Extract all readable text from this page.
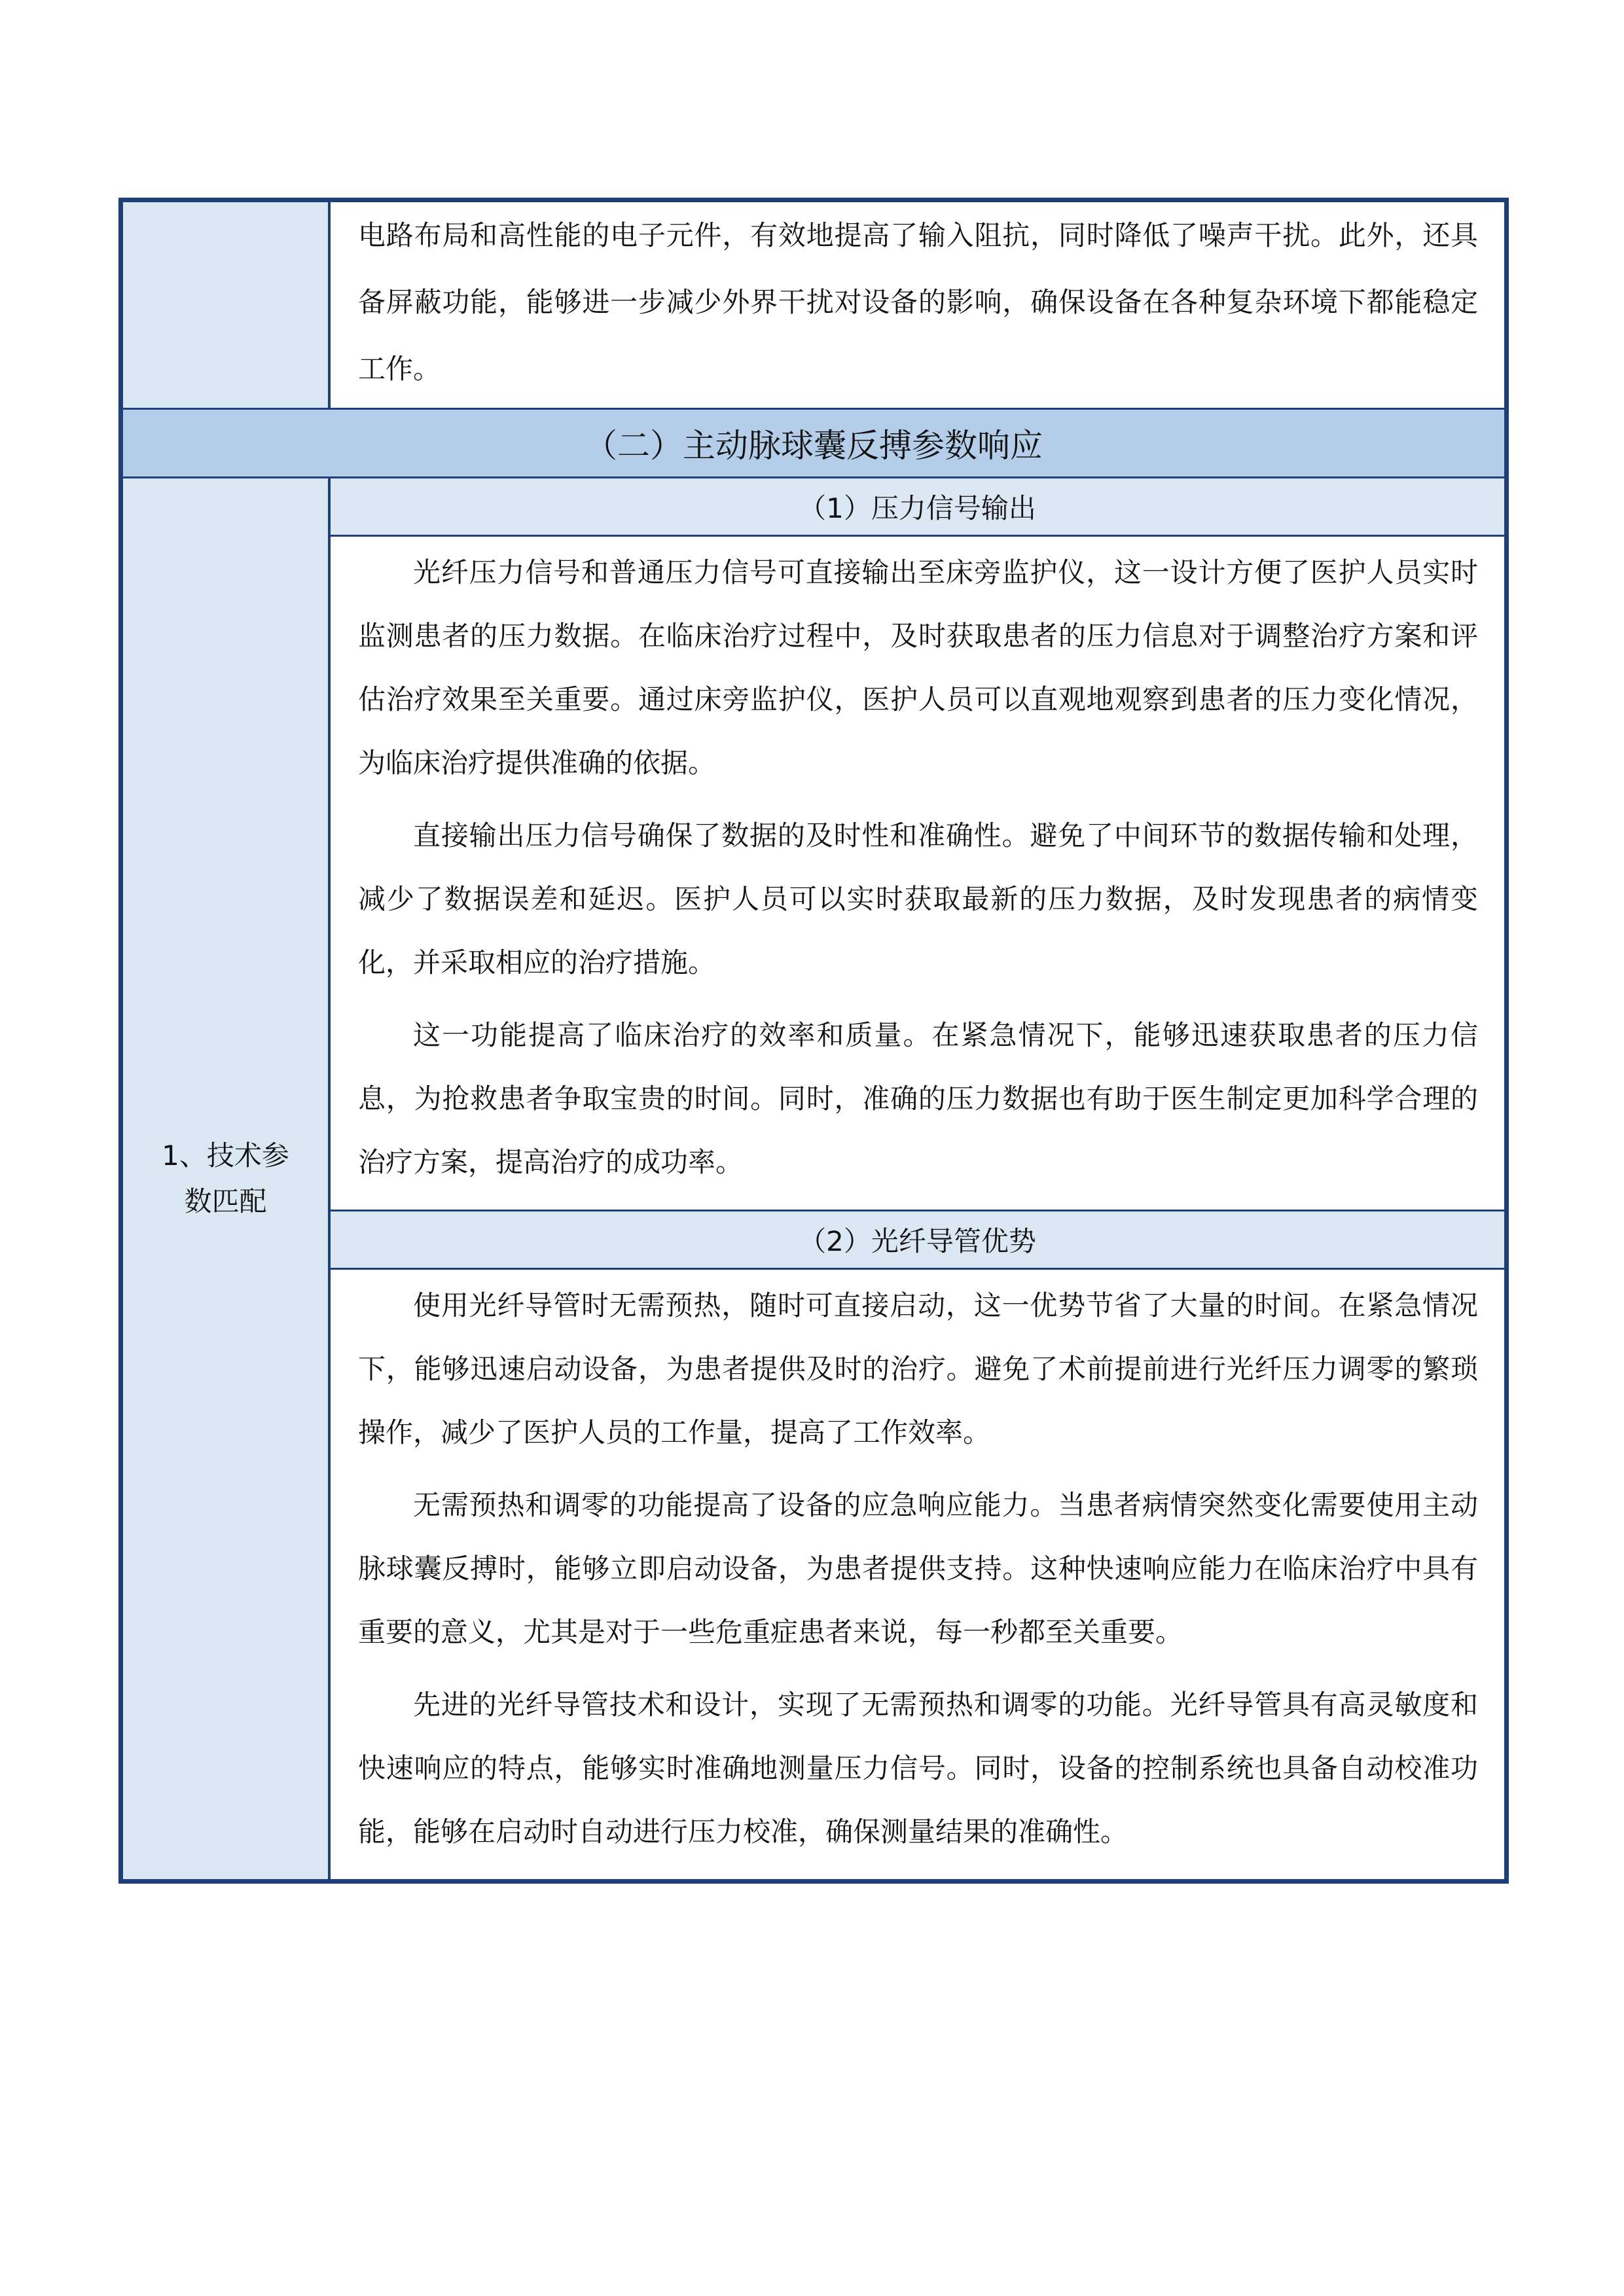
电路布局和高性能的电子元件，有效地提高了输入阻抗，同时降低了噪声干扰。此外，还具备屏蔽功能，能够进一步减少外界干扰对设备的影响，确保设备在各种复杂环境下都能稳定工作。

（二）主动脉球囊反搏参数响应
1、技术参数匹配
（1）压力信号输出

光纤压力信号和普通压力信号可直接输出至床旁监护仪，这一设计方便了医护人员实时监测患者的压力数据。在临床治疗过程中，及时获取患者的压力信息对于调整治疗方案和评估治疗效果至关重要。通过床旁监护仪，医护人员可以直观地观察到患者的压力变化情况，为临床治疗提供准确的依据。

直接输出压力信号确保了数据的及时性和准确性。避免了中间环节的数据传输和处理，减少了数据误差和延迟。医护人员可以实时获取最新的压力数据，及时发现患者的病情变化，并采取相应的治疗措施。

这一功能提高了临床治疗的效率和质量。在紧急情况下，能够迅速获取患者的压力信息，为抢救患者争取宝贵的时间。同时，准确的压力数据也有助于医生制定更加科学合理的治疗方案，提高治疗的成功率。

（2）光纤导管优势

使用光纤导管时无需预热，随时可直接启动，这一优势节省了大量的时间。在紧急情况下，能够迅速启动设备，为患者提供及时的治疗。避免了术前提前进行光纤压力调零的繁琐操作，减少了医护人员的工作量，提高了工作效率。

无需预热和调零的功能提高了设备的应急响应能力。当患者病情突然变化需要使用主动脉球囊反搏时，能够立即启动设备，为患者提供支持。这种快速响应能力在临床治疗中具有重要的意义，尤其是对于一些危重症患者来说，每一秒都至关重要。

先进的光纤导管技术和设计，实现了无需预热和调零的功能。光纤导管具有高灵敏度和快速响应的特点，能够实时准确地测量压力信号。同时，设备的控制系统也具备自动校准功能，能够在启动时自动进行压力校准，确保测量结果的准确性。
